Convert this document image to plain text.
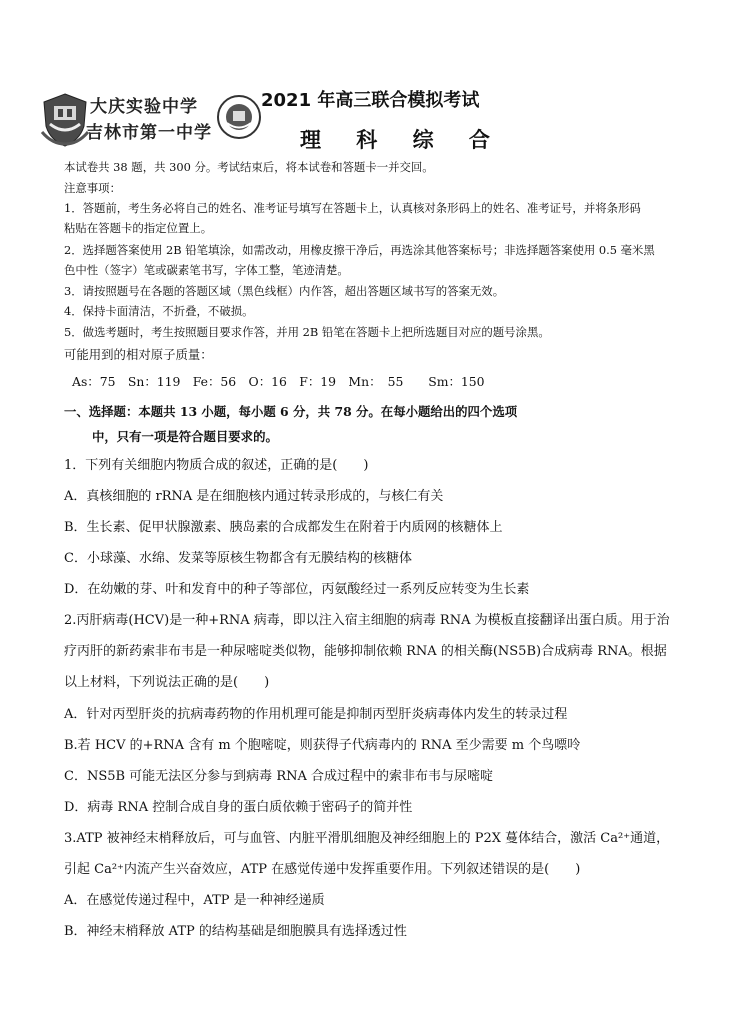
大庆实验中学
吉林市第一中学
2021 年高三联合模拟考试
理 科 综 合
本试卷共 38 题，共 300 分。考试结束后，将本试卷和答题卡一并交回。
注意事项：
1．答题前，考生务必将自己的姓名、准考证号填写在答题卡上，认真核对条形码上的姓名、准考证号，并将条形码
粘贴在答题卡的指定位置上。
2．选择题答案使用 2B 铅笔填涂，如需改动，用橡皮擦干净后，再选涂其他答案标号；非选择题答案使用 0.5 毫米黑
色中性（签字）笔或碳素笔书写，字体工整，笔迹清楚。
3．请按照题号在各题的答题区域（黑色线框）内作答，超出答题区域书写的答案无效。
4．保持卡面清洁，不折叠，不破损。
5．做选考题时，考生按照题目要求作答，并用 2B 铅笔在答题卡上把所选题目对应的题号涂黑。
可能用到的相对原子质量：
As：75　Sn：119　Fe：56　O：16　F：19　Mn：　55　　Sm：150
一、选择题：本题共 13 小题，每小题 6 分，共 78 分。在每小题给出的四个选项
中，只有一项是符合题目要求的。
1．下列有关细胞内物质合成的叙述，正确的是(　　)
A．真核细胞的 rRNA 是在细胞核内通过转录形成的，与核仁有关
B．生长素、促甲状腺激素、胰岛素的合成都发生在附着于内质网的核糖体上
C．小球藻、水绵、发菜等原核生物都含有无膜结构的核糖体
D．在幼嫩的芽、叶和发育中的种子等部位，丙氨酸经过一系列反应转变为生长素
2.丙肝病毒(HCV)是一种+RNA 病毒，即以注入宿主细胞的病毒 RNA 为模板直接翻译出蛋白质。用于治
疗丙肝的新药索非布韦是一种尿嘧啶类似物，能够抑制依赖 RNA 的相关酶(NS5B)合成病毒 RNA。根据
以上材料，下列说法正确的是(　　)
A．针对丙型肝炎的抗病毒药物的作用机理可能是抑制丙型肝炎病毒体内发生的转录过程
B.若 HCV 的+RNA 含有 m 个胞嘧啶，则获得子代病毒内的 RNA 至少需要 m 个鸟嘌呤
C．NS5B 可能无法区分参与到病毒 RNA 合成过程中的索非布韦与尿嘧啶
D．病毒 RNA 控制合成自身的蛋白质依赖于密码子的简并性
3.ATP 被神经末梢释放后，可与血管、内脏平滑肌细胞及神经细胞上的 P2X 蔓体结合，激活 Ca²⁺通道，
引起 Ca²⁺内流产生兴奋效应，ATP 在感觉传递中发挥重要作用。下列叙述错误的是(　　)
A．在感觉传递过程中，ATP 是一种神经递质
B．神经末梢释放 ATP 的结构基础是细胞膜具有选择透过性
